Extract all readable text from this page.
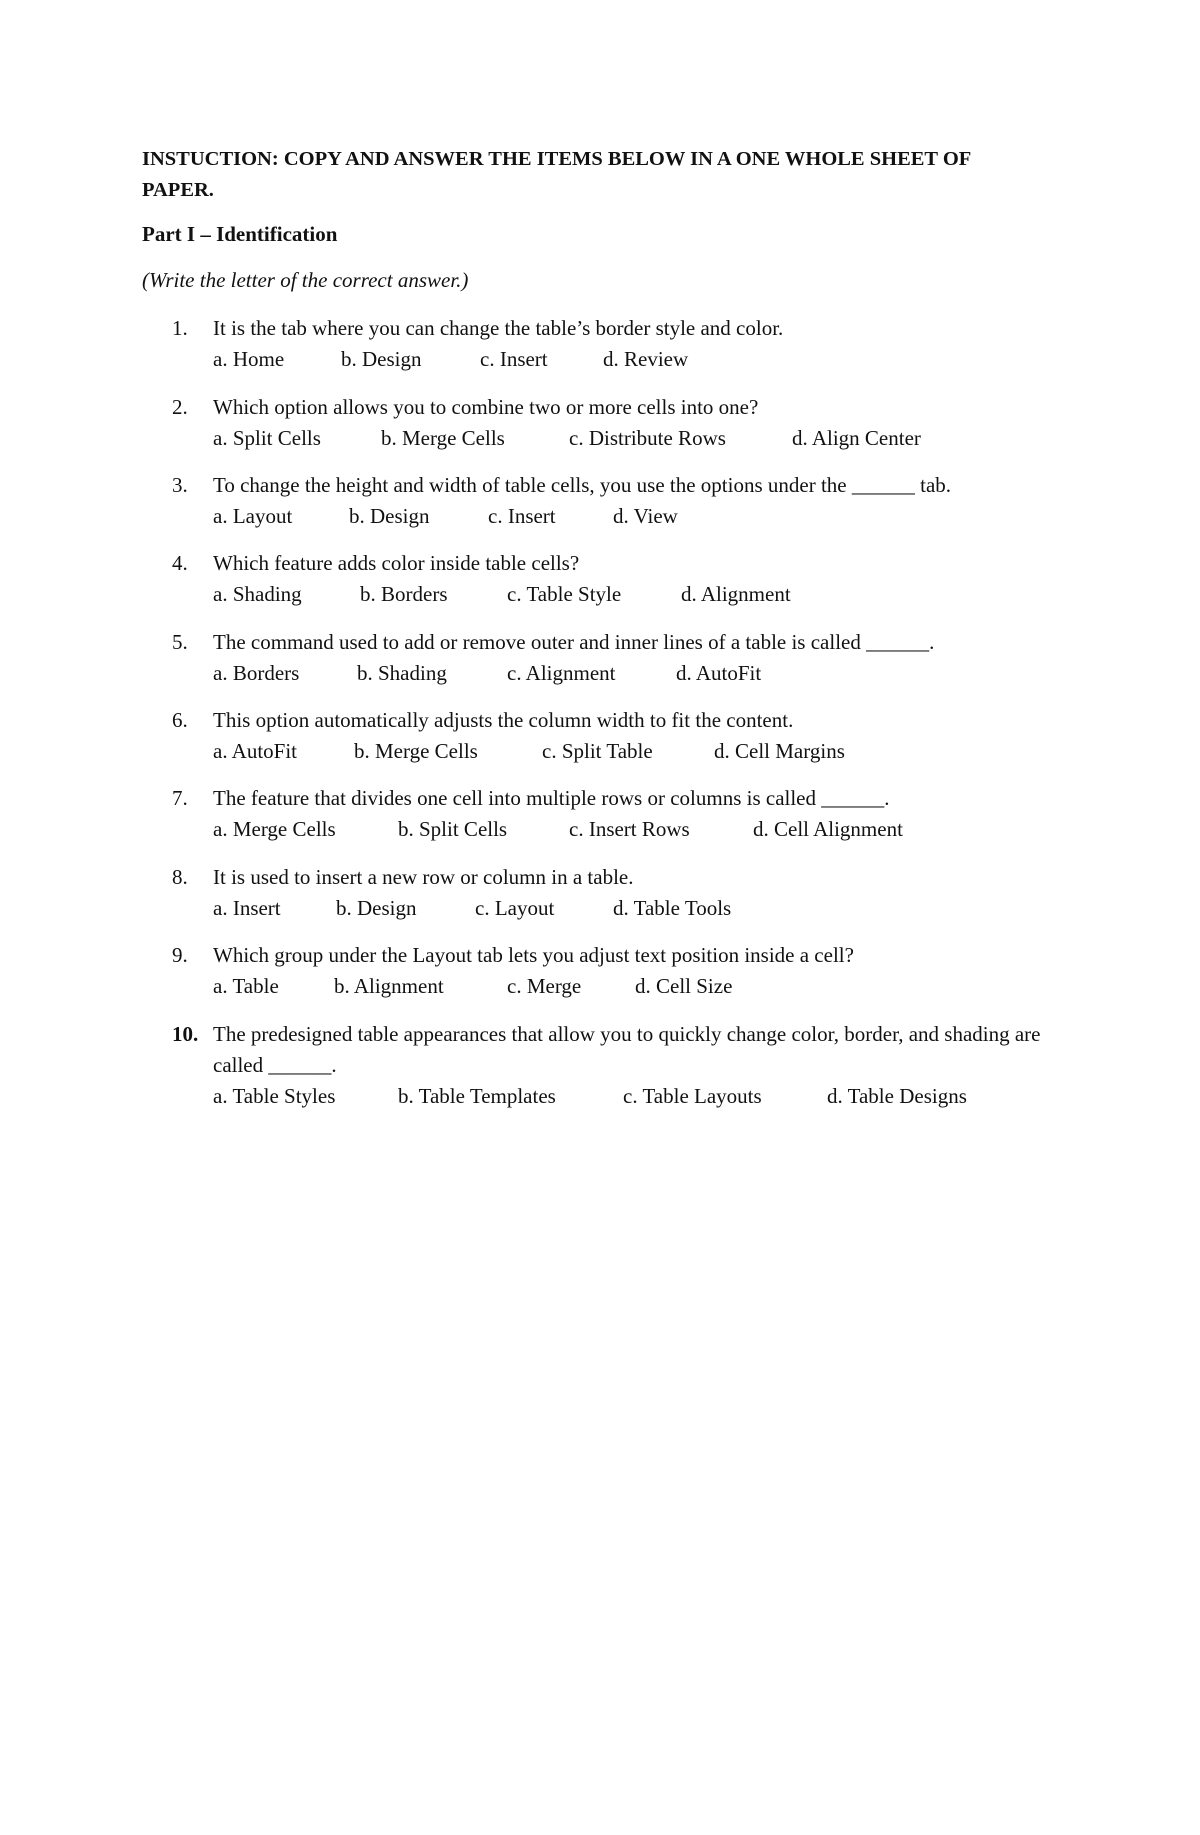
INSTUCTION: COPY AND ANSWER THE ITEMS BELOW IN A ONE WHOLE SHEET OF PAPER.

Part I – Identification

(Write the letter of the correct answer.)

1.	It is the tab where you can change the table’s border style and color.
a. Home	b. Design	c. Insert	d. Review
2.	Which option allows you to combine two or more cells into one?
a. Split Cells	b. Merge Cells	c. Distribute Rows	d. Align Center
3.	To change the height and width of table cells, you use the options under the ______ tab.
a. Layout	b. Design	c. Insert	d. View
4.	Which feature adds color inside table cells?
a. Shading	b. Borders	c. Table Style	d. Alignment
5.	The command used to add or remove outer and inner lines of a table is called ______.
a. Borders	b. Shading	c. Alignment	d. AutoFit
6.	This option automatically adjusts the column width to fit the content.
a. AutoFit	b. Merge Cells	c. Split Table	d. Cell Margins
7.	The feature that divides one cell into multiple rows or columns is called ______.
a. Merge Cells	b. Split Cells	c. Insert Rows	d. Cell Alignment
8.	It is used to insert a new row or column in a table.
a. Insert	b. Design	c. Layout	d. Table Tools
9.	Which group under the Layout tab lets you adjust text position inside a cell?
a. Table	b. Alignment	c. Merge	d. Cell Size
10. The predesigned table appearances that allow you to quickly change color, border, and shading are called ______.
a. Table Styles	b. Table Templates	c. Table Layouts	d. Table Designs
